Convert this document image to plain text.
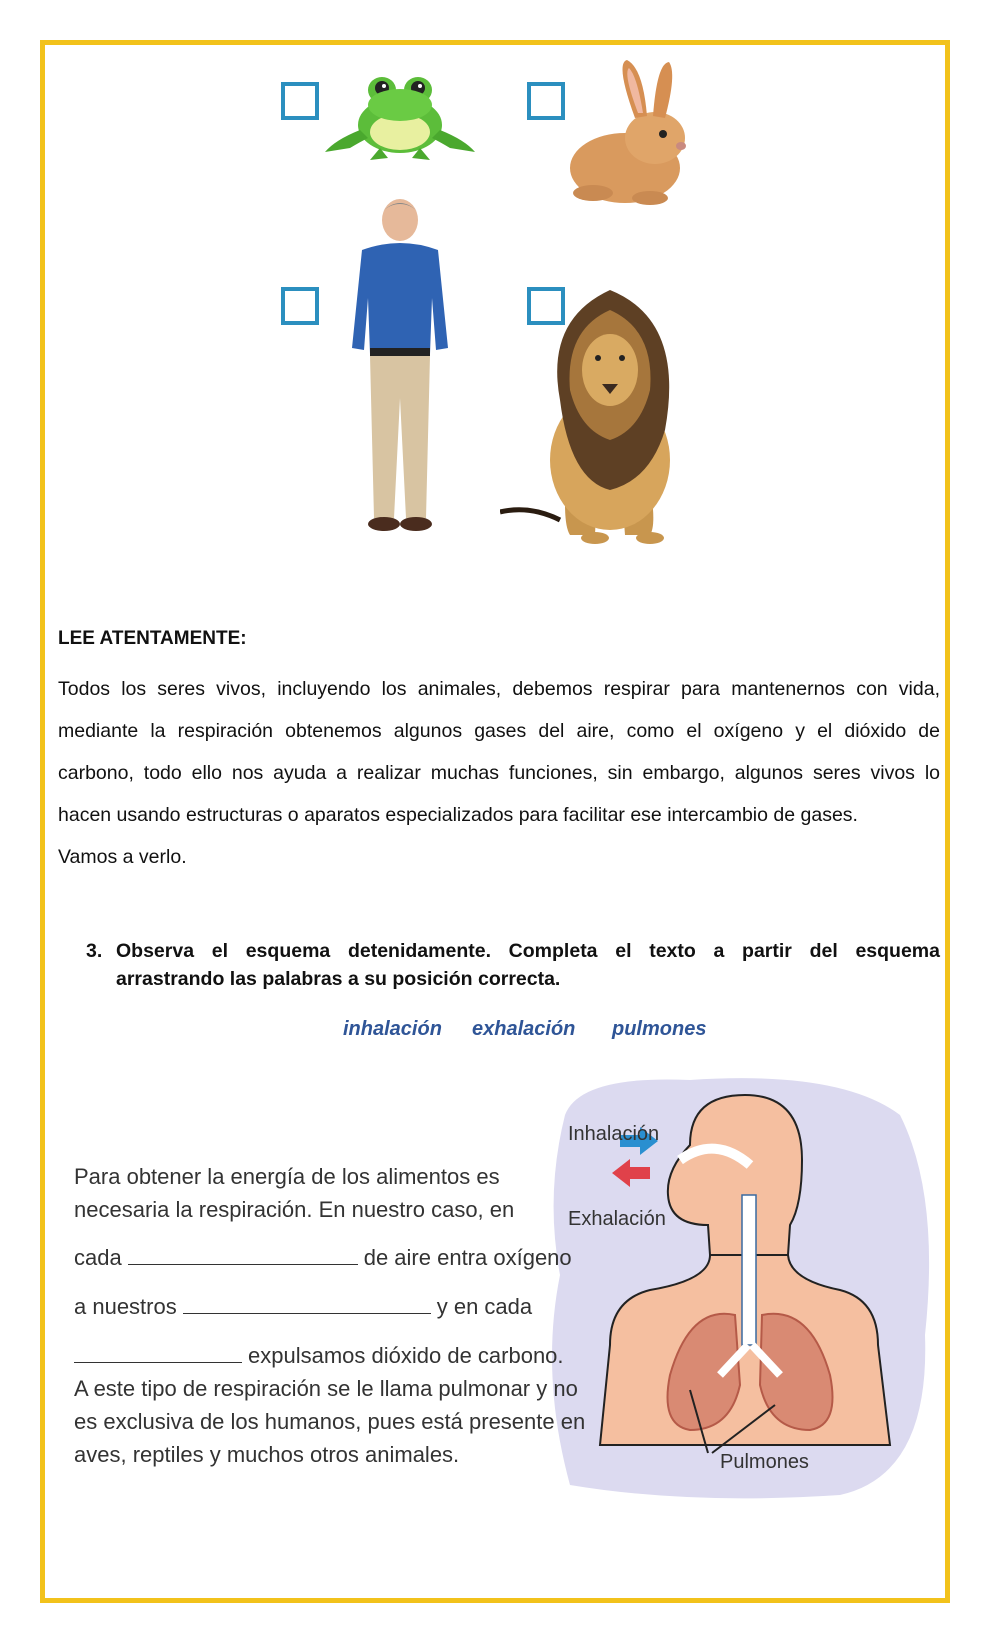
LEE ATENTAMENTE:

Todos los seres vivos, incluyendo los animales, debemos respirar para mantenernos con vida,
mediante la respiración obtenemos algunos gases del aire, como el oxígeno y el dióxido de
carbono, todo ello nos ayuda a realizar muchas funciones, sin embargo, algunos seres vivos lo
hacen usando estructuras o aparatos especializados para facilitar ese intercambio de gases.
Vamos a verlo.
3. Observa el esquema detenidamente. Completa el texto a partir del esquema
arrastrando las palabras a su posición correcta.
inhalación exhalación pulmones
Inhalación
Exhalación
Pulmones

Para obtener la energía de los alimentos es

necesaria la respiración. En nuestro caso, en

cada	de aire entra oxígeno

a nuestros	y en cada

expulsamos dióxido de carbono.

A este tipo de respiración se le llama pulmonar y no

es exclusiva de los humanos, pues está presente en

aves, reptiles y muchos otros animales.
